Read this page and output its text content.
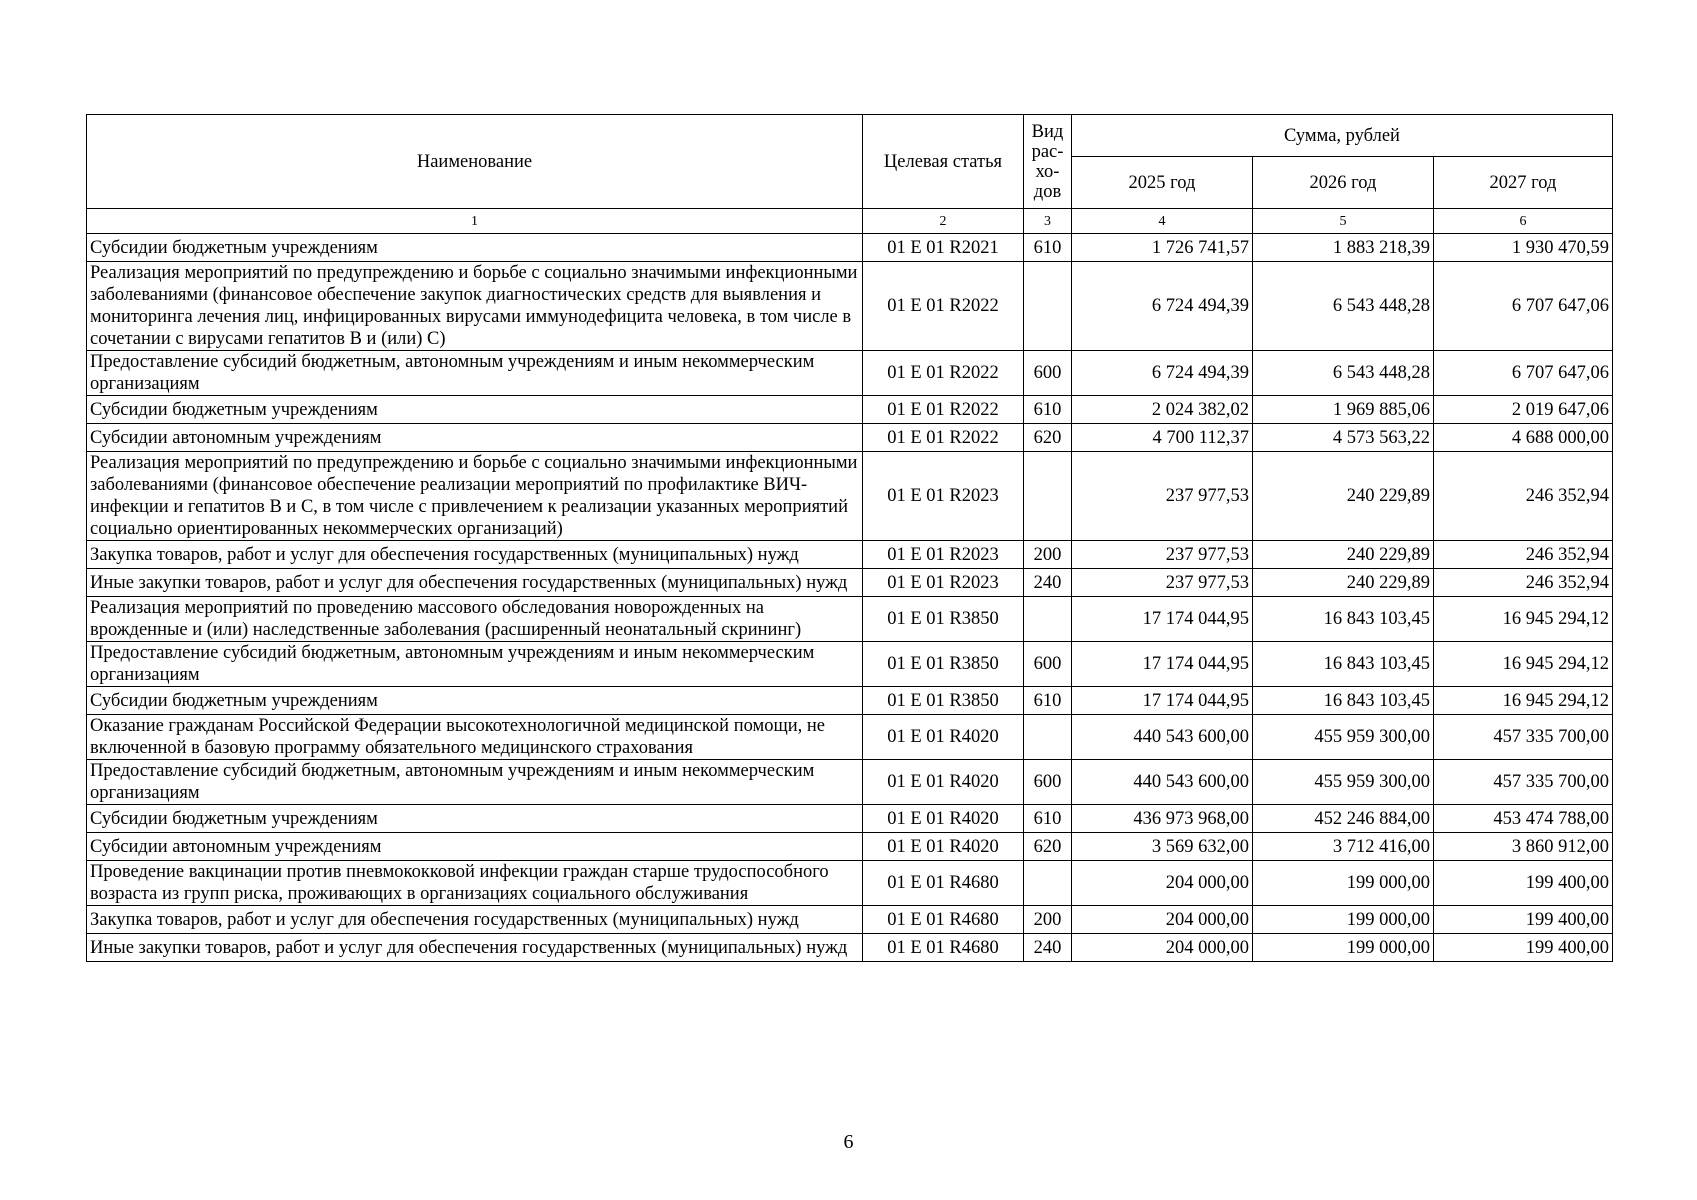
Наименование	Целевая статья	Вид рас-хо-дов	Сумма, рублей		
			2025 год	2026 год	2027 год
1	2	3	4	5	6
Субсидии бюджетным учреждениям	01 Е 01 R2021	610	1 726 741,57	1 883 218,39	1 930 470,59
Реализация мероприятий по предупреждению и борьбе с социально значимыми инфекционными заболеваниями (финансовое обеспечение закупок диагностических средств для выявления и мониторинга лечения лиц, инфицированных вирусами иммунодефицита человека, в том числе в сочетании с вирусами гепатитов B и (или) C)	01 Е 01 R2022		6 724 494,39	6 543 448,28	6 707 647,06
Предоставление субсидий бюджетным, автономным учреждениям и иным некоммерческим организациям	01 Е 01 R2022	600	6 724 494,39	6 543 448,28	6 707 647,06
Субсидии бюджетным учреждениям	01 Е 01 R2022	610	2 024 382,02	1 969 885,06	2 019 647,06
Субсидии автономным учреждениям	01 Е 01 R2022	620	4 700 112,37	4 573 563,22	4 688 000,00
Реализация мероприятий по предупреждению и борьбе с социально значимыми инфекционными заболеваниями (финансовое обеспечение реализации мероприятий по профилактике ВИЧ-инфекции и гепатитов B и C, в том числе с привлечением к реализации указанных мероприятий социально ориентированных некоммерческих организаций)	01 Е 01 R2023		237 977,53	240 229,89	246 352,94
Закупка товаров, работ и услуг для обеспечения государственных (муниципальных) нужд	01 Е 01 R2023	200	237 977,53	240 229,89	246 352,94
Иные закупки товаров, работ и услуг для обеспечения государственных (муниципальных) нужд	01 Е 01 R2023	240	237 977,53	240 229,89	246 352,94
Реализация мероприятий по проведению массового обследования новорожденных на врожденные и (или) наследственные заболевания (расширенный неонатальный скрининг)	01 Е 01 R3850		17 174 044,95	16 843 103,45	16 945 294,12
Предоставление субсидий бюджетным, автономным учреждениям и иным некоммерческим организациям	01 Е 01 R3850	600	17 174 044,95	16 843 103,45	16 945 294,12
Субсидии бюджетным учреждениям	01 Е 01 R3850	610	17 174 044,95	16 843 103,45	16 945 294,12
Оказание гражданам Российской Федерации высокотехнологичной медицинской помощи, не включенной в базовую программу обязательного медицинского страхования	01 Е 01 R4020		440 543 600,00	455 959 300,00	457 335 700,00
Предоставление субсидий бюджетным, автономным учреждениям и иным некоммерческим организациям	01 Е 01 R4020	600	440 543 600,00	455 959 300,00	457 335 700,00
Субсидии бюджетным учреждениям	01 Е 01 R4020	610	436 973 968,00	452 246 884,00	453 474 788,00
Субсидии автономным учреждениям	01 Е 01 R4020	620	3 569 632,00	3 712 416,00	3 860 912,00
Проведение вакцинации против пневмококковой инфекции граждан старше трудоспособного возраста из групп риска, проживающих в организациях социального обслуживания	01 Е 01 R4680		204 000,00	199 000,00	199 400,00
Закупка товаров, работ и услуг для обеспечения государственных (муниципальных) нужд	01 Е 01 R4680	200	204 000,00	199 000,00	199 400,00
Иные закупки товаров, работ и услуг для обеспечения государственных (муниципальных) нужд	01 Е 01 R4680	240	204 000,00	199 000,00	199 400,00
6
